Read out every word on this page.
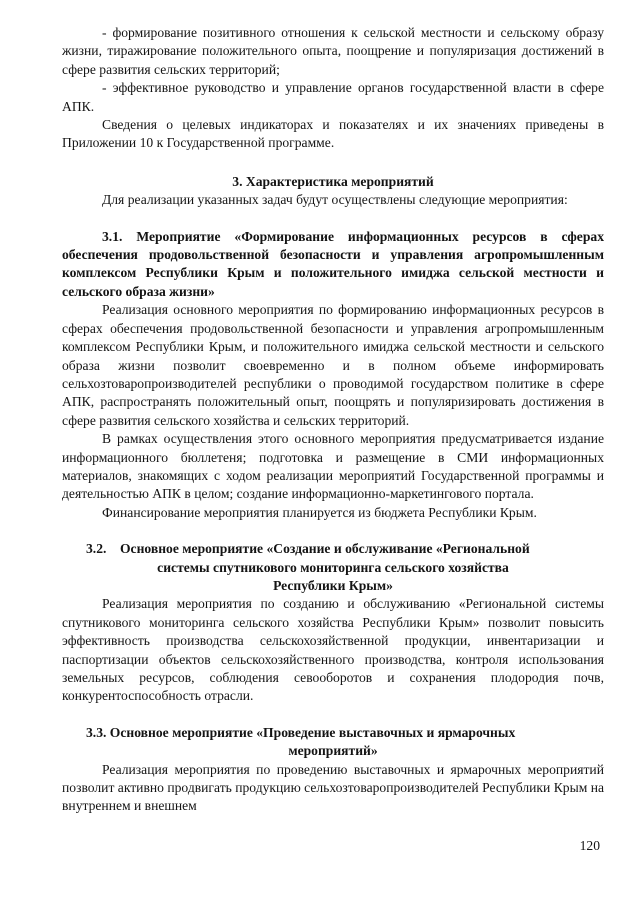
- формирование позитивного отношения к сельской местности и сельскому образу жизни, тиражирование положительного опыта, поощрение и популяризация достижений в сфере развития сельских территорий;

- эффективное руководство и управление органов государственной власти в сфере АПК.

Сведения о целевых индикаторах и показателях и их значениях приведены в Приложении 10 к Государственной программе.

3. Характеристика мероприятий

Для реализации указанных задач будут осуществлены следующие мероприятия:

3.1. Мероприятие «Формирование информационных ресурсов в сферах обеспечения продовольственной безопасности и управления агропромышленным комплексом Республики Крым и положительного имиджа сельской местности и сельского образа жизни»

Реализация основного мероприятия по формированию информационных ресурсов в сферах обеспечения продовольственной безопасности и управления агропромышленным комплексом Республики Крым, и положительного имиджа сельской местности и сельского образа жизни позволит своевременно и в полном объеме информировать сельхозтоваропроизводителей республики о проводимой государством политике в сфере АПК, распространять положительный опыт, поощрять и популяризировать достижения в сфере развития сельского хозяйства и сельских территорий.

В рамках осуществления этого основного мероприятия предусматривается издание информационного бюллетеня; подготовка и размещение в СМИ информационных материалов, знакомящих с ходом реализации мероприятий Государственной программы и деятельностью АПК в целом; создание информационно-маркетингового портала.

Финансирование мероприятия планируется из бюджета Республики Крым.

3.2.    Основное мероприятие «Создание и обслуживание «Региональной

системы спутникового мониторинга сельского хозяйства

Республики Крым»

Реализация мероприятия по созданию и обслуживанию «Региональной системы спутникового мониторинга сельского хозяйства Республики Крым» позволит повысить эффективность производства сельскохозяйственной продукции, инвентаризации и паспортизации объектов сельскохозяйственного производства, контроля использования земельных ресурсов, соблюдения севооборотов и сохранения плодородия почв, конкурентоспособность отрасли.

3.3. Основное мероприятие «Проведение выставочных и ярмарочных

мероприятий»

Реализация мероприятия по проведению выставочных и ярмарочных мероприятий позволит активно продвигать продукцию сельхозтоваропроизводителей Республики Крым на внутреннем и внешнем

120
